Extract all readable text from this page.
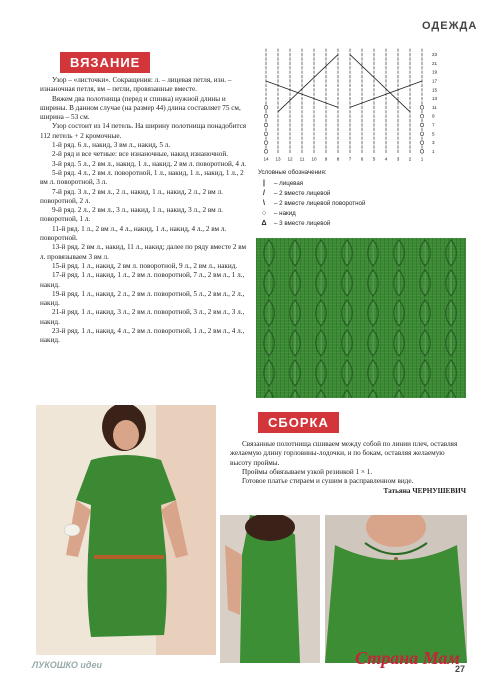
ОДЕЖДА
ВЯЗАНИЕ

Узор – «листочки». Сокращения: л. – лицевая петля, изн. – изнаночная петля, вм – петли, провязанные вместе.

Вяжем два полотнища (перед и спинка) нужной длины и ширины. В данном случае (на размер 44) длина составляет 75 см, ширина – 53 см.

Узор состоит из 14 петель. На ширину полотнища понадобится 112 петель + 2 кромочные.

1-й ряд. 6 л., накид, 3 вм л., накид, 5 л.

2-й ряд и все четные: все изнаночные, накид изнаночной.

3-й ряд. 5 л., 2 вм л., накид, 1 л., накид, 2 вм л. поворотной, 4 л.

5-й ряд. 4 л., 2 вм л. поворотной, 1 л., накид, 1 л., накид, 1 л., 2 вм л. поворотной, 3 л.

7-й ряд. 3 л., 2 вм л., 2 л., накид, 1 л., накид, 2 л., 2 вм л. поворотной, 2 л.

9-й ряд. 2 л., 2 вм л., 3 л., накид, 1 л., накид, 3 л., 2 вм л. поворотной, 1 л.

11-й ряд. 1 л., 2 вм л., 4 л., накид, 1 л., накид, 4 л., 2 вм л. поворотной.

13-й ряд. 2 вм л., накид, 11 л., накид; далее по ряду вместе 2 вм л. провязываем 3 вм л.

15-й ряд. 1 л., накид, 2 вм л. поворотной, 9 л., 2 вм л., накид.

17-й ряд. 1 л., накид, 1 л., 2 вм л. поворотной, 7 л., 2 вм л., 1 л., накид.

19-й ряд. 1 л., накид, 2 л., 2 вм л. поворотной, 5 л., 2 вм л., 2 л., накид.

21-й ряд. 1 л., накид, 3 л., 2 вм л. поворотной, 3 л., 2 вм л., 3 л., накид.

23-й ряд. 1 л., накид, 4 л., 2 вм л. поворотной, 1 л., 2 вм л., 4 л., накид.

23
21
19
17
15
13
11
9
7
5
3
1
14 13 12 11 10 9 8 7 6 5 4 3 2 1
Условные обозначения:
|	– лицевая
/	– 2 вместе лицевой
\	– 2 вместе лицевой поворотной
○	– накид
Δ	– 3 вместе лицевой
СБОРКА

Связанные полотнища сшиваем между собой по линии плеч, оставляя желаемую длину горловины-лодочки, и по бокам, оставляя желаемую высоту проймы.

Проймы обвязываем узкой резинкой 1 × 1.

Готовое платье стираем и сушим в расправленном виде.

Татьяна ЧЕРНУШЕВИЧ

ЛУКОШКО идеи	Страна Мам
27
